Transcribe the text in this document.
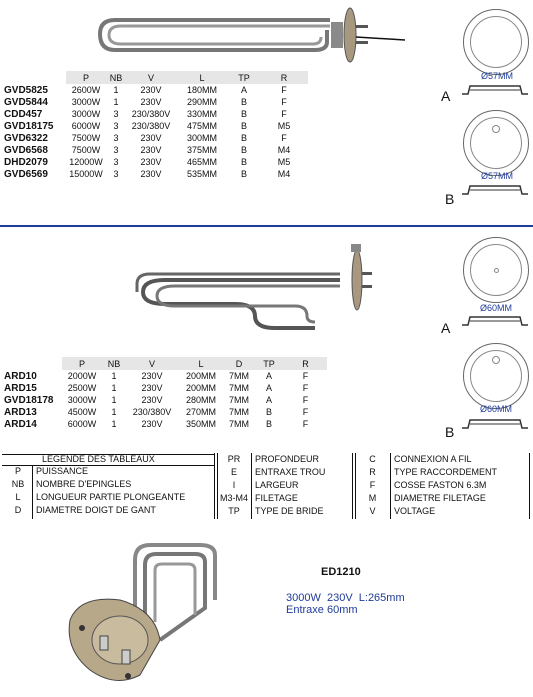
	P	NB	V	L	TP	R
GVD5825	2600W	1	230V	180MM	A	F
GVD5844	3000W	1	230V	290MM	B	F
CDD457	3000W	3	230/380V	330MM	B	F
GVD18175	6000W	3	230/380V	475MM	B	M5
GVD6322	7500W	3	230V	300MM	B	F
GVD6568	7500W	3	230V	375MM	B	M4
DHD2079	12000W	3	230V	465MM	B	M5
GVD6569	15000W	3	230V	535MM	B	M4
A
B
Ø57MM
Ø57MM
	P	NB	V	L	D	TP	R
ARD10	2000W	1	230V	200MM	7MM	A	F
ARD15	2500W	1	230V	200MM	7MM	A	F
GVD18178	3000W	1	230V	280MM	7MM	A	F
ARD13	4500W	1	230/380V	270MM	7MM	B	F
ARD14	6000W	1	230V	350MM	7MM	B	F
A
B
Ø60MM
Ø60MM
LEGENDE DES TABLEAUX
P	PUISSANCE
NB	NOMBRE D'EPINGLES
L	LONGUEUR PARTIE PLONGEANTE
D	DIAMETRE DOIGT DE GANT
PR	PROFONDEUR
E	ENTRAXE TROU
I	LARGEUR
M3-M4 FILETAGE
TP	TYPE DE BRIDE
C	CONNEXION A FIL
R	TYPE RACCORDEMENT
F	COSSE FASTON 6.3M
M	DIAMETRE FILETAGE
V	VOLTAGE
ED1210
3000W  230V  L:265mm
Entraxe 60mm
